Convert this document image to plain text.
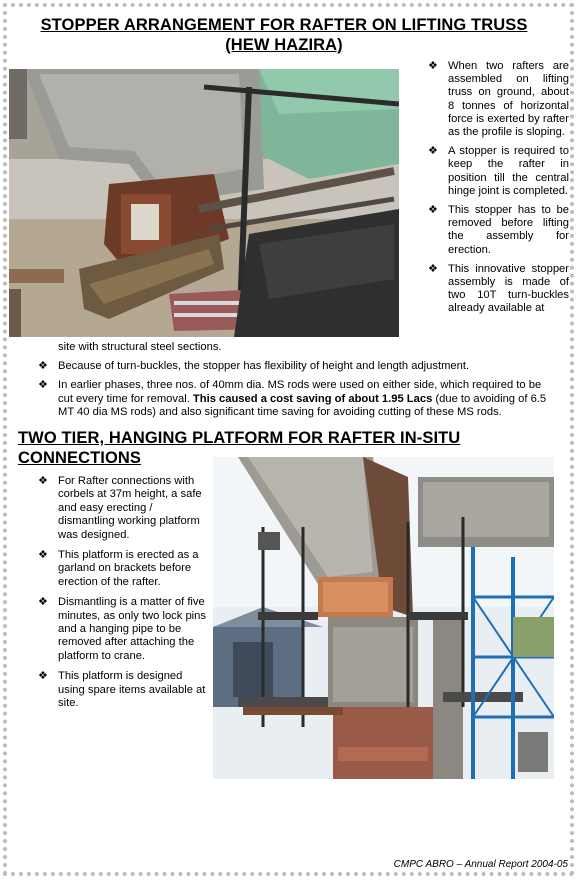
STOPPER ARRANGEMENT FOR RAFTER ON LIFTING TRUSS (HEW HAZIRA)
❖ When two rafters are assembled on lifting truss on ground, about 8 tonnes of horizontal force is exerted by rafter as the profile is sloping.
❖ A stopper is required to keep the rafter in position till the central hinge joint is completed.
❖ This stopper has to be removed before lifting the assembly for erection.
❖ This innovative stopper assembly is made of two 10T turn-buckles already available at
site with structural steel sections.
❖ Because of turn-buckles, the stopper has flexibility of height and length adjustment.
❖ In earlier phases, three nos. of 40mm dia. MS rods were used on either side, which required to be cut every time for removal. This caused a cost saving of about 1.95 Lacs (due to avoiding of 6.5 MT 40 dia MS rods) and also significant time saving for avoiding cutting of these MS rods.
TWO TIER, HANGING PLATFORM FOR RAFTER IN-SITU CONNECTIONS
❖ For Rafter connections with corbels at 37m height, a safe and easy erecting / dismantling working platform was designed.
❖ This platform is erected as a garland on brackets before erection of the rafter.
❖ Dismantling is a matter of five minutes, as only two lock pins and a hanging pipe to be removed after attaching the platform to crane.
❖ This platform is designed using spare items available at site.
CMPC ABRO – Annual Report 2004-05
